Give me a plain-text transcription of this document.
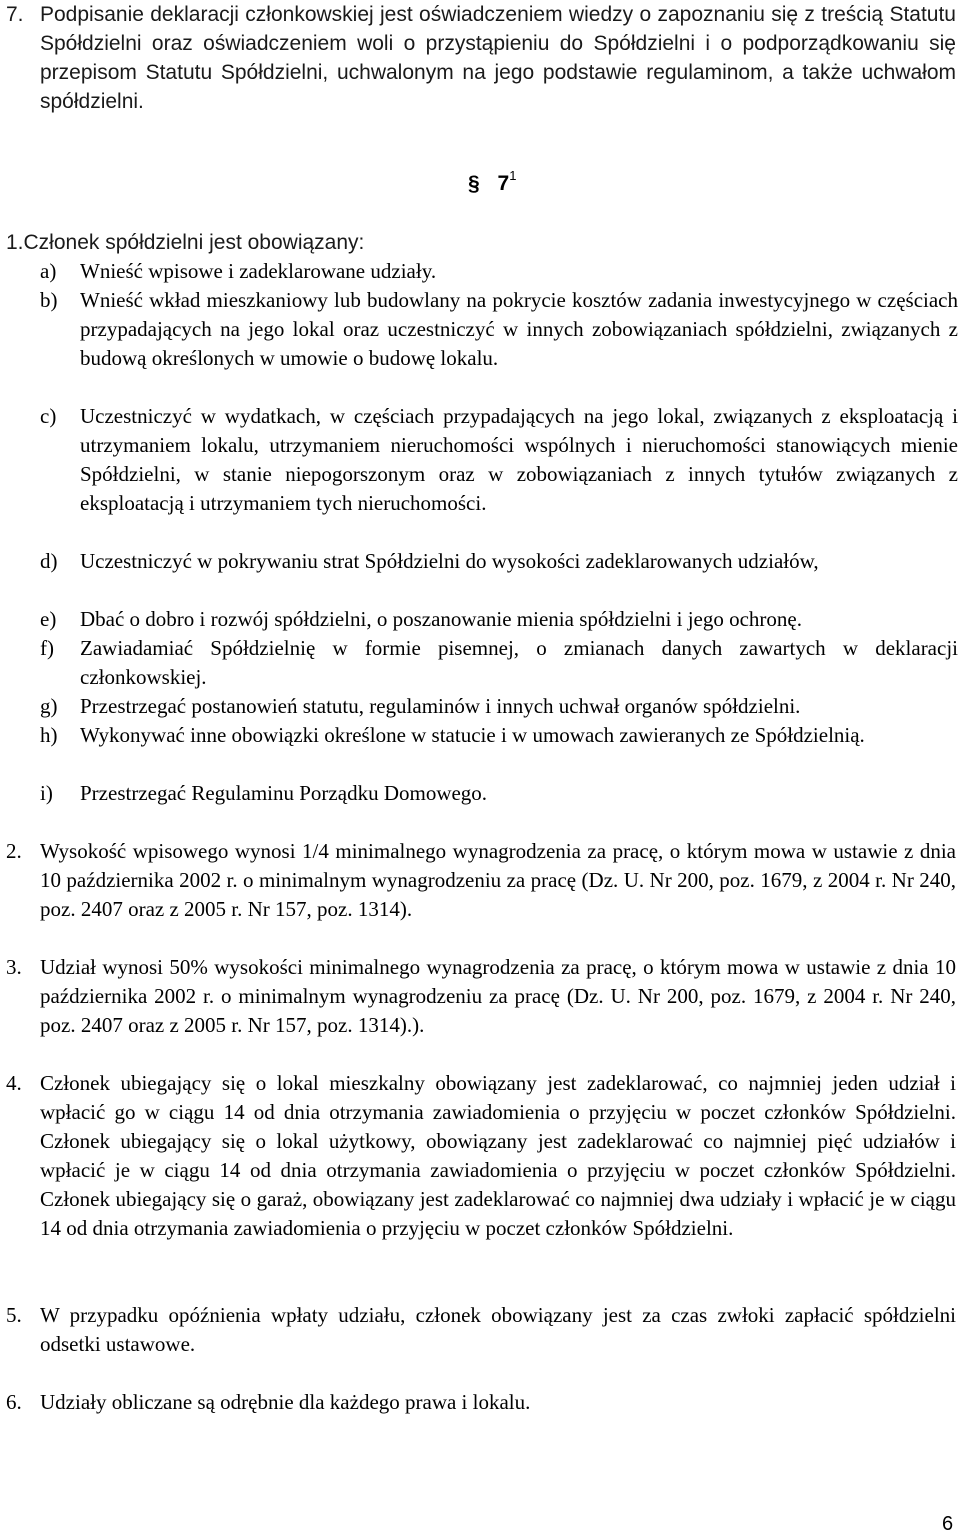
7. Podpisanie deklaracji członkowskiej jest oświadczeniem wiedzy o zapoznaniu się z treścią Statutu Spółdzielni oraz oświadczeniem woli o przystąpieniu do Spółdzielni i o podporządkowaniu się przepisom Statutu Spółdzielni, uchwalonym na jego podstawie regulaminom, a także uchwałom spółdzielni.
§ $7^1$
1.Członek spółdzielni jest obowiązany:
a) Wnieść wpisowe i zadeklarowane udziały.
b) Wnieść wkład mieszkaniowy lub budowlany na pokrycie kosztów zadania inwestycyjnego w częściach przypadających na jego lokal oraz uczestniczyć w innych zobowiązaniach spółdzielni, związanych z budową określonych w umowie o budowę lokalu.
c) Uczestniczyć w wydatkach, w częściach przypadających na jego lokal, związanych z eksploatacją i utrzymaniem lokalu, utrzymaniem nieruchomości wspólnych i nieruchomości stanowiących mienie Spółdzielni, w stanie niepogorszonym oraz w zobowiązaniach z innych tytułów związanych z eksploatacją i utrzymaniem tych nieruchomości.
d) Uczestniczyć w pokrywaniu strat Spółdzielni do wysokości zadeklarowanych udziałów,
e) Dbać o dobro i rozwój spółdzielni, o poszanowanie mienia spółdzielni i jego ochronę.
f) Zawiadamiać Spółdzielnię w formie pisemnej, o zmianach danych zawartych w deklaracji członkowskiej.
g) Przestrzegać postanowień statutu, regulaminów i innych uchwał organów spółdzielni.
h) Wykonywać inne obowiązki określone w statucie i w umowach zawieranych ze Spółdzielnią.
i) Przestrzegać Regulaminu Porządku Domowego.
2. Wysokość wpisowego wynosi 1/4 minimalnego wynagrodzenia za pracę, o którym mowa w ustawie z dnia 10 października 2002 r. o minimalnym wynagrodzeniu za pracę (Dz. U. Nr 200, poz. 1679, z 2004 r. Nr 240, poz. 2407 oraz z 2005 r. Nr 157, poz. 1314).
3. Udział wynosi 50% wysokości minimalnego wynagrodzenia za pracę, o którym mowa w ustawie z dnia 10 października 2002 r. o minimalnym wynagrodzeniu za pracę (Dz. U. Nr 200, poz. 1679, z 2004 r. Nr 240, poz. 2407 oraz z 2005 r. Nr 157, poz. 1314).).
4. Członek ubiegający się o lokal mieszkalny obowiązany jest zadeklarować, co najmniej jeden udział i wpłacić go w ciągu 14 od dnia otrzymania zawiadomienia o przyjęciu w poczet członków Spółdzielni. Członek ubiegający się o lokal użytkowy, obowiązany jest zadeklarować co najmniej pięć udziałów i wpłacić je w ciągu 14 od dnia otrzymania zawiadomienia o przyjęciu w poczet członków Spółdzielni. Członek ubiegający się o garaż, obowiązany jest zadeklarować co najmniej dwa udziały i wpłacić je w ciągu 14 od dnia otrzymania zawiadomienia o przyjęciu w poczet członków Spółdzielni.
5. W przypadku opóźnienia wpłaty udziału, członek obowiązany jest za czas zwłoki zapłacić spółdzielni odsetki ustawowe.
6. Udziały obliczane są odrębnie dla każdego prawa i lokalu.
6
